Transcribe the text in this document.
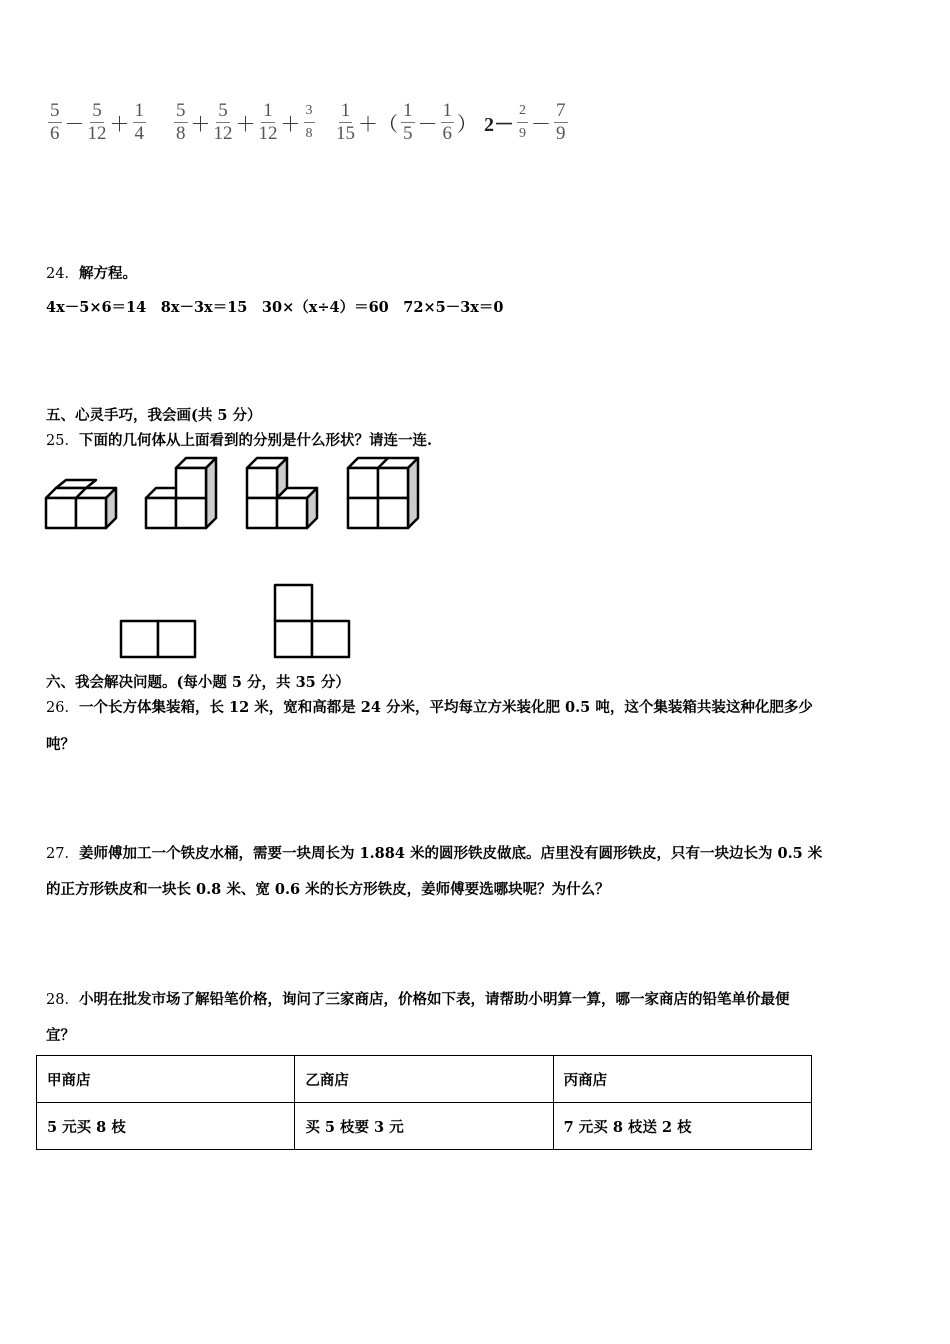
$\frac{5}{6} - \frac{5}{12} + \frac{1}{4} \frac{5}{8} + \frac{5}{12} + \frac{1}{12} + \frac{3}{8} \frac{1}{15}$ ＋（ $\frac{1}{5} - \frac{1}{6}$ ） $2- \frac{2}{9} - \frac{7}{9}$
24．解方程。
4x－5×6＝14　8x－3x＝15　30×（x÷4）＝60　72×5－3x＝0
五、心灵手巧，我会画(共 5 分）
25．下面的几何体从上面看到的分别是什么形状？请连一连.
六、我会解决问题。(每小题 5 分，共 35 分）
26．一个长方体集装箱，长 12 米，宽和高都是 24 分米，平均每立方米装化肥 0.5 吨，这个集装箱共装这种化肥多少
吨？
27．姜师傅加工一个铁皮水桶，需要一块周长为 1.884 米的圆形铁皮做底。店里没有圆形铁皮，只有一块边长为 0.5 米
的正方形铁皮和一块长 0.8 米、宽 0.6 米的长方形铁皮，姜师傅要选哪块呢？为什么？
28．小明在批发市场了解铅笔价格，询问了三家商店，价格如下表，请帮助小明算一算，哪一家商店的铅笔单价最便
宜？
甲商店	乙商店	丙商店
5 元买 8 枝	买 5 枝要 3 元	7 元买 8 枝送 2 枝
